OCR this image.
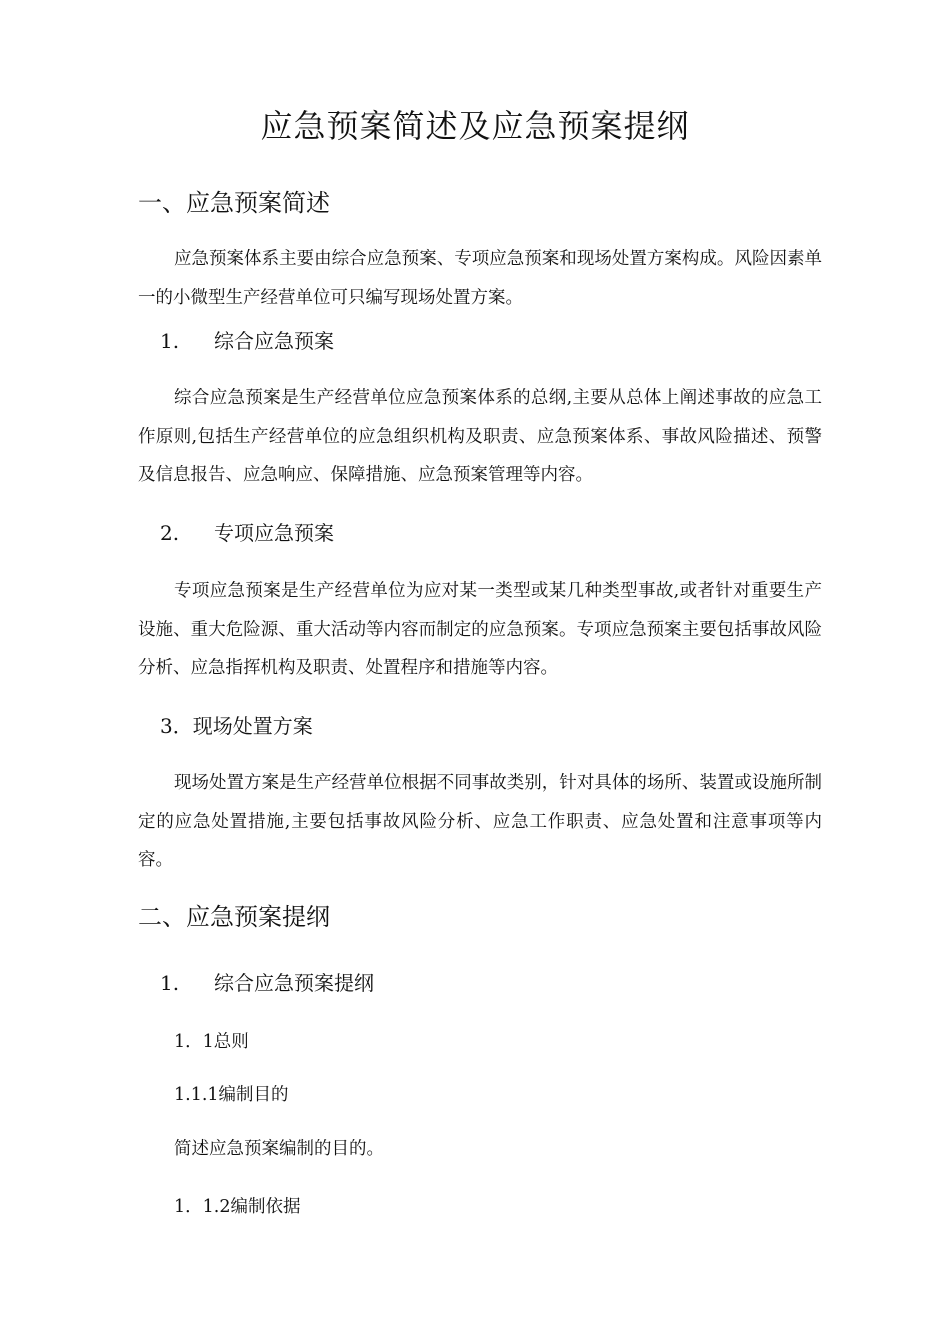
应急预案简述及应急预案提纲
一、应急预案简述
应急预案体系主要由综合应急预案、专项应急预案和现场处置方案构成。风险因素单一的小微型生产经营单位可只编写现场处置方案。
1. 综合应急预案
综合应急预案是生产经营单位应急预案体系的总纲,主要从总体上阐述事故的应急工作原则,包括生产经营单位的应急组织机构及职责、应急预案体系、事故风险描述、预警及信息报告、应急响应、保障措施、应急预案管理等内容。
2. 专项应急预案
专项应急预案是生产经营单位为应对某一类型或某几种类型事故,或者针对重要生产设施、重大危险源、重大活动等内容而制定的应急预案。专项应急预案主要包括事故风险分析、应急指挥机构及职责、处置程序和措施等内容。
3．现场处置方案
现场处置方案是生产经营单位根据不同事故类别，针对具体的场所、装置或设施所制定的应急处置措施,主要包括事故风险分析、应急工作职责、应急处置和注意事项等内容。
二、应急预案提纲
1. 综合应急预案提纲
1．1总则
1.1.1编制目的
简述应急预案编制的目的。
1．1.2编制依据
